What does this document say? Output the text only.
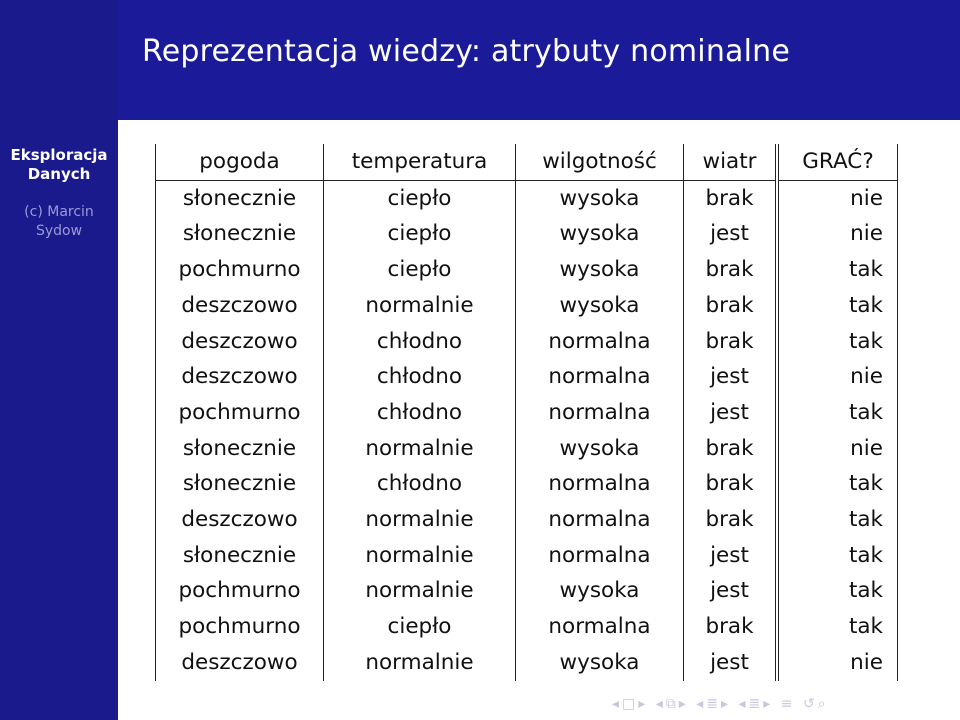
Reprezentacja wiedzy: atrybuty nominalne
Eksploracja
Danych
(c) Marcin
Sydow
pogoda	temperatura	wilgotność	wiatr	GRAĆ?
słonecznie	ciepło	wysoka	brak	nie
słonecznie	ciepło	wysoka	jest	nie
pochmurno	ciepło	wysoka	brak	tak
deszczowo	normalnie	wysoka	brak	tak
deszczowo	chłodno	normalna	brak	tak
deszczowo	chłodno	normalna	jest	nie
pochmurno	chłodno	normalna	jest	tak
słonecznie	normalnie	wysoka	brak	nie
słonecznie	chłodno	normalna	brak	tak
deszczowo	normalnie	normalna	brak	tak
słonecznie	normalnie	normalna	jest	tak
pochmurno	normalnie	wysoka	jest	tak
pochmurno	ciepło	normalna	brak	tak
deszczowo	normalnie	wysoka	jest	nie
◂□▸ ◂⧉▸ ◂≣▸ ◂≣▸ ≡ ↺⌕
